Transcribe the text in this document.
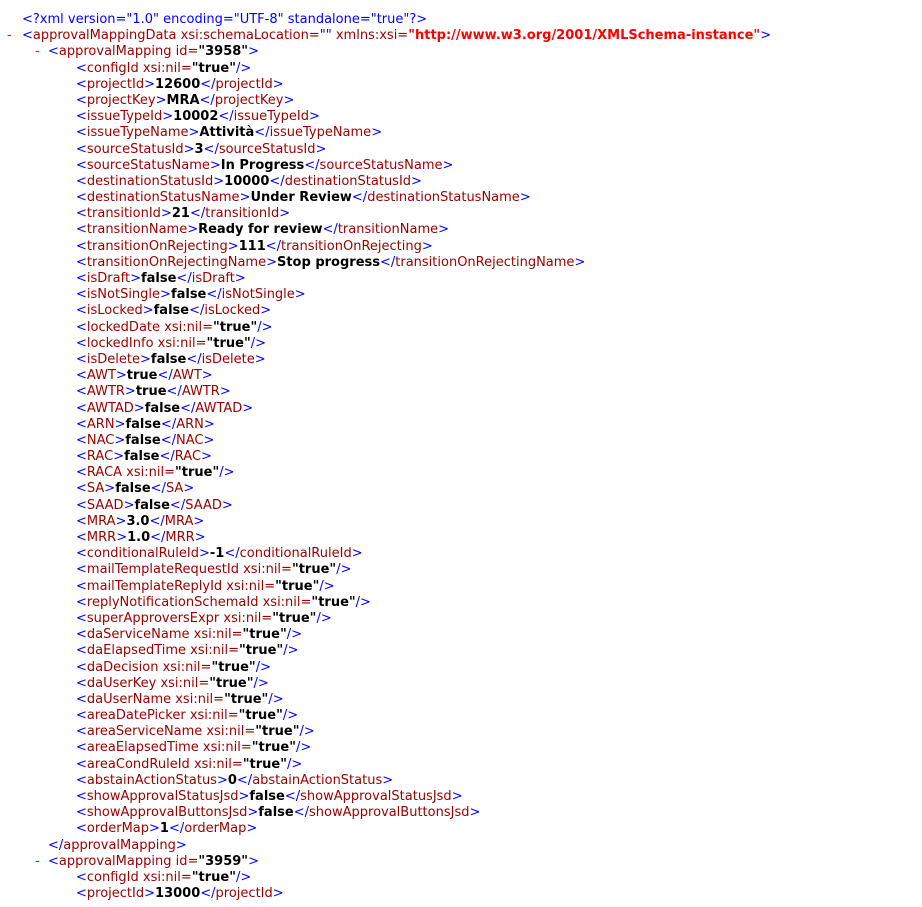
<?xml version="1.0" encoding="UTF-8" standalone="true"?>
- <approvalMappingData xsi:schemaLocation="" xmlns:xsi="http://www.w3.org/2001/XMLSchema-instance">
- <approvalMapping id="3958">
<configId xsi:nil="true"/>
<projectId>12600</projectId>
<projectKey>MRA</projectKey>
<issueTypeId>10002</issueTypeId>
<issueTypeName>Attività</issueTypeName>
<sourceStatusId>3</sourceStatusId>
<sourceStatusName>In Progress</sourceStatusName>
<destinationStatusId>10000</destinationStatusId>
<destinationStatusName>Under Review</destinationStatusName>
<transitionId>21</transitionId>
<transitionName>Ready for review</transitionName>
<transitionOnRejecting>111</transitionOnRejecting>
<transitionOnRejectingName>Stop progress</transitionOnRejectingName>
<isDraft>false</isDraft>
<isNotSingle>false</isNotSingle>
<isLocked>false</isLocked>
<lockedDate xsi:nil="true"/>
<lockedInfo xsi:nil="true"/>
<isDelete>false</isDelete>
<AWT>true</AWT>
<AWTR>true</AWTR>
<AWTAD>false</AWTAD>
<ARN>false</ARN>
<NAC>false</NAC>
<RAC>false</RAC>
<RACA xsi:nil="true"/>
<SA>false</SA>
<SAAD>false</SAAD>
<MRA>3.0</MRA>
<MRR>1.0</MRR>
<conditionalRuleId>-1</conditionalRuleId>
<mailTemplateRequestId xsi:nil="true"/>
<mailTemplateReplyId xsi:nil="true"/>
<replyNotificationSchemaId xsi:nil="true"/>
<superApproversExpr xsi:nil="true"/>
<daServiceName xsi:nil="true"/>
<daElapsedTime xsi:nil="true"/>
<daDecision xsi:nil="true"/>
<daUserKey xsi:nil="true"/>
<daUserName xsi:nil="true"/>
<areaDatePicker xsi:nil="true"/>
<areaServiceName xsi:nil="true"/>
<areaElapsedTime xsi:nil="true"/>
<areaCondRuleId xsi:nil="true"/>
<abstainActionStatus>0</abstainActionStatus>
<showApprovalStatusJsd>false</showApprovalStatusJsd>
<showApprovalButtonsJsd>false</showApprovalButtonsJsd>
<orderMap>1</orderMap>
</approvalMapping>
- <approvalMapping id="3959">
<configId xsi:nil="true"/>
<projectId>13000</projectId>
